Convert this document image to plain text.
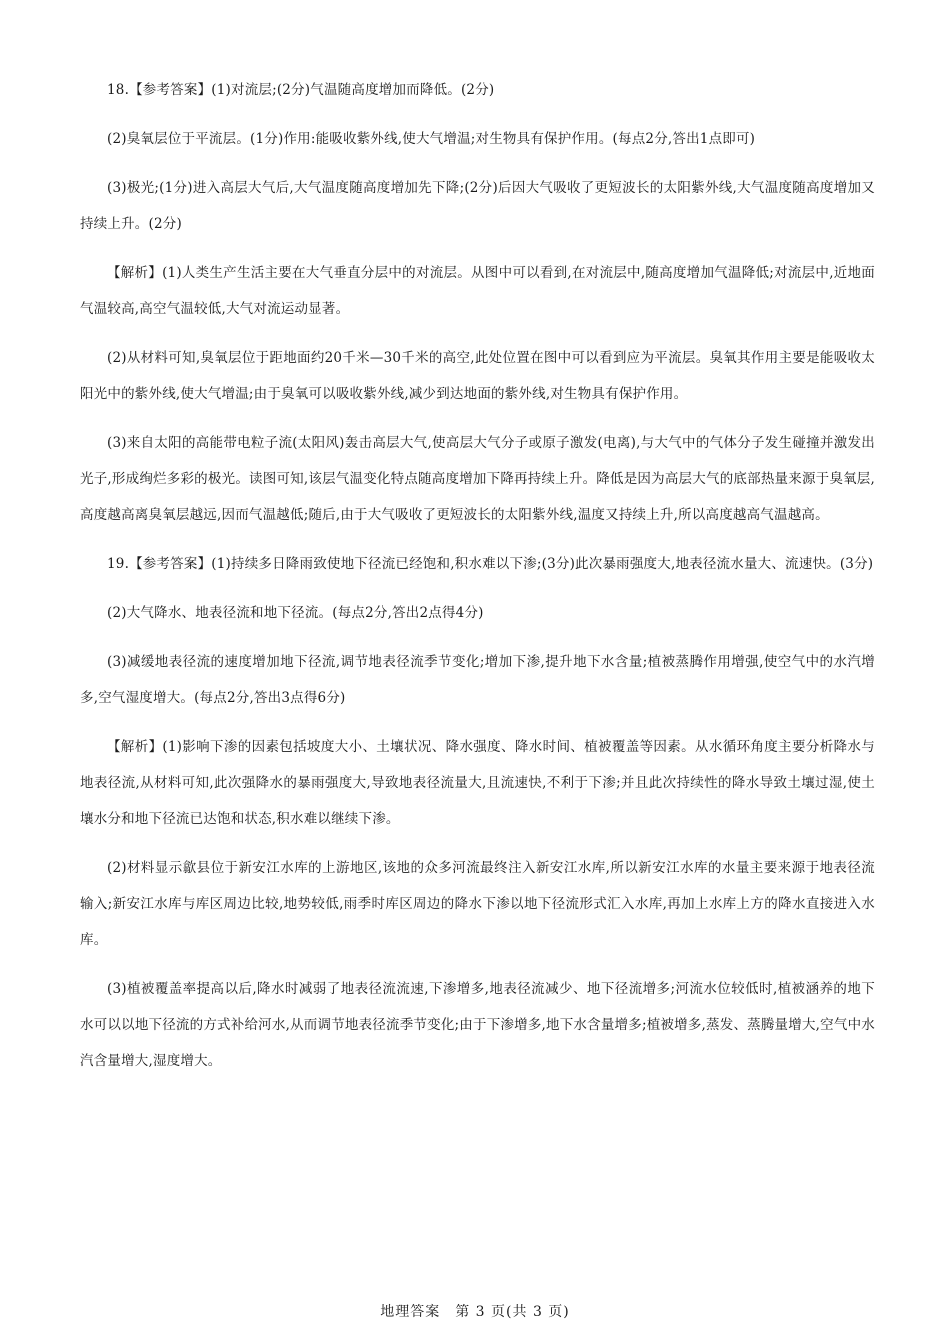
18.【参考答案】(1)对流层;(2分)气温随高度增加而降低。(2分)

(2)臭氧层位于平流层。(1分)作用:能吸收紫外线,使大气增温;对生物具有保护作用。(每点2分,答出1点即可)

(3)极光;(1分)进入高层大气后,大气温度随高度增加先下降;(2分)后因大气吸收了更短波长的太阳紫外线,大气温度随高度增加又持续上升。(2分)

【解析】(1)人类生产生活主要在大气垂直分层中的对流层。从图中可以看到,在对流层中,随高度增加气温降低;对流层中,近地面气温较高,高空气温较低,大气对流运动显著。

(2)从材料可知,臭氧层位于距地面约20千米—30千米的高空,此处位置在图中可以看到应为平流层。臭氧其作用主要是能吸收太阳光中的紫外线,使大气增温;由于臭氧可以吸收紫外线,减少到达地面的紫外线,对生物具有保护作用。

(3)来自太阳的高能带电粒子流(太阳风)轰击高层大气,使高层大气分子或原子激发(电离),与大气中的气体分子发生碰撞并激发出光子,形成绚烂多彩的极光。读图可知,该层气温变化特点随高度增加下降再持续上升。降低是因为高层大气的底部热量来源于臭氧层,高度越高离臭氧层越远,因而气温越低;随后,由于大气吸收了更短波长的太阳紫外线,温度又持续上升,所以高度越高气温越高。

19.【参考答案】(1)持续多日降雨致使地下径流已经饱和,积水难以下渗;(3分)此次暴雨强度大,地表径流水量大、流速快。(3分)

(2)大气降水、地表径流和地下径流。(每点2分,答出2点得4分)

(3)减缓地表径流的速度增加地下径流,调节地表径流季节变化;增加下渗,提升地下水含量;植被蒸腾作用增强,使空气中的水汽增多,空气湿度增大。(每点2分,答出3点得6分)

【解析】(1)影响下渗的因素包括坡度大小、土壤状况、降水强度、降水时间、植被覆盖等因素。从水循环角度主要分析降水与地表径流,从材料可知,此次强降水的暴雨强度大,导致地表径流量大,且流速快,不利于下渗;并且此次持续性的降水导致土壤过湿,使土壤水分和地下径流已达饱和状态,积水难以继续下渗。

(2)材料显示歙县位于新安江水库的上游地区,该地的众多河流最终注入新安江水库,所以新安江水库的水量主要来源于地表径流输入;新安江水库与库区周边比较,地势较低,雨季时库区周边的降水下渗以地下径流形式汇入水库,再加上水库上方的降水直接进入水库。

(3)植被覆盖率提高以后,降水时减弱了地表径流流速,下渗增多,地表径流减少、地下径流增多;河流水位较低时,植被涵养的地下水可以以地下径流的方式补给河水,从而调节地表径流季节变化;由于下渗增多,地下水含量增多;植被增多,蒸发、蒸腾量增大,空气中水汽含量增大,湿度增大。

地理答案　第 3 页(共 3 页)
